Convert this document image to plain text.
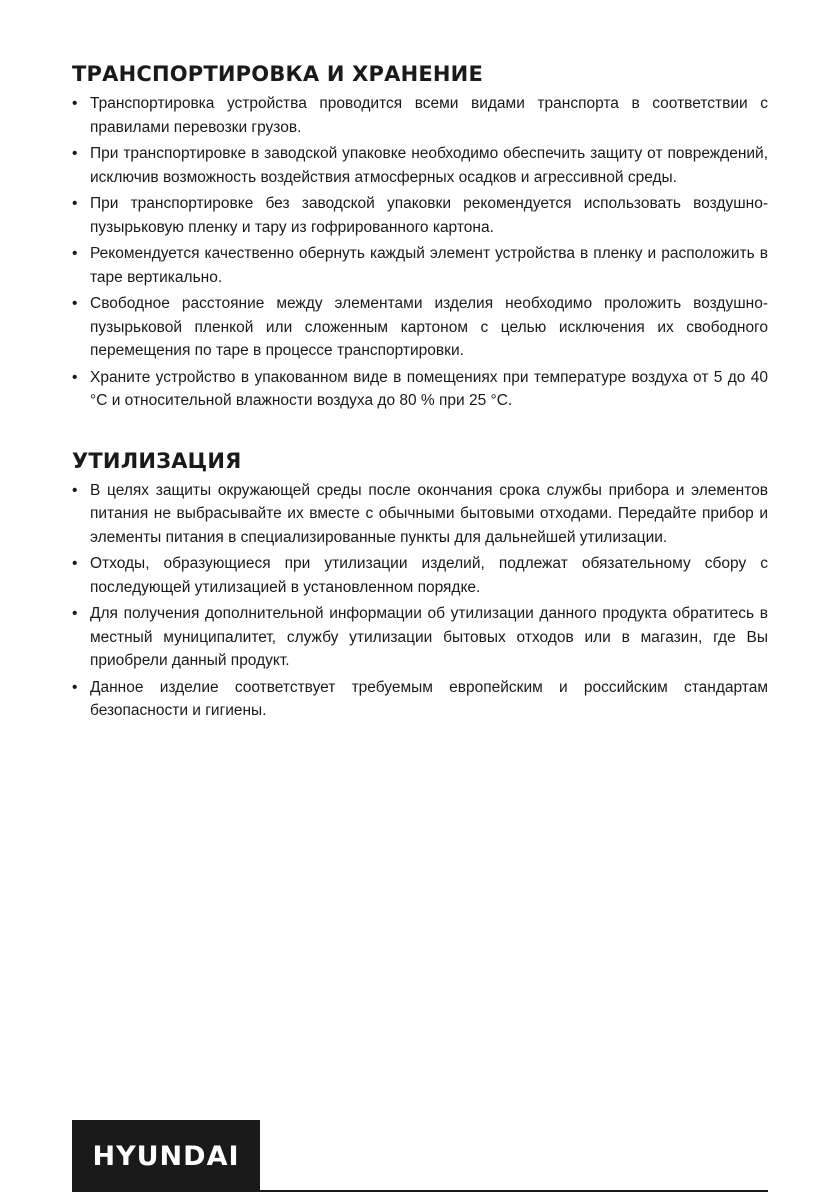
ТРАНСПОРТИРОВКА И ХРАНЕНИЕ
• Транспортировка устройства проводится всеми видами транспорта в соответствии с правилами перевозки грузов.
• При транспортировке в заводской упаковке необходимо обеспечить защиту от повреждений, исключив возможность воздействия атмосферных осадков и агрессивной среды.
• При транспортировке без заводской упаковки рекомендуется использовать воздушно-пузырьковую пленку и тару из гофрированного картона.
• Рекомендуется качественно обернуть каждый элемент устройства в пленку и расположить в таре вертикально.
• Свободное расстояние между элементами изделия необходимо проложить воздушно-пузырьковой пленкой или сложенным картоном с целью исключения их свободного перемещения по таре в процессе транспортировки.
• Храните устройство в упакованном виде в помещениях при температуре воздуха от 5 до 40 °С и относительной влажности воздуха до 80 % при 25 °С.
УТИЛИЗАЦИЯ
• В целях защиты окружающей среды после окончания срока службы прибора и элементов питания не выбрасывайте их вместе с обычными бытовыми отходами. Передайте прибор и элементы питания в специализированные пункты для дальнейшей утилизации.
• Отходы, образующиеся при утилизации изделий, подлежат обязательному сбору с последующей утилизацией в установленном порядке.
• Для получения дополнительной информации об утилизации данного продукта обратитесь в местный муниципалитет, службу утилизации бытовых отходов или в магазин, где Вы приобрели данный продукт.
• Данное изделие соответствует требуемым европейским и российским стандартам безопасности и гигиены.
HYUNDAI
